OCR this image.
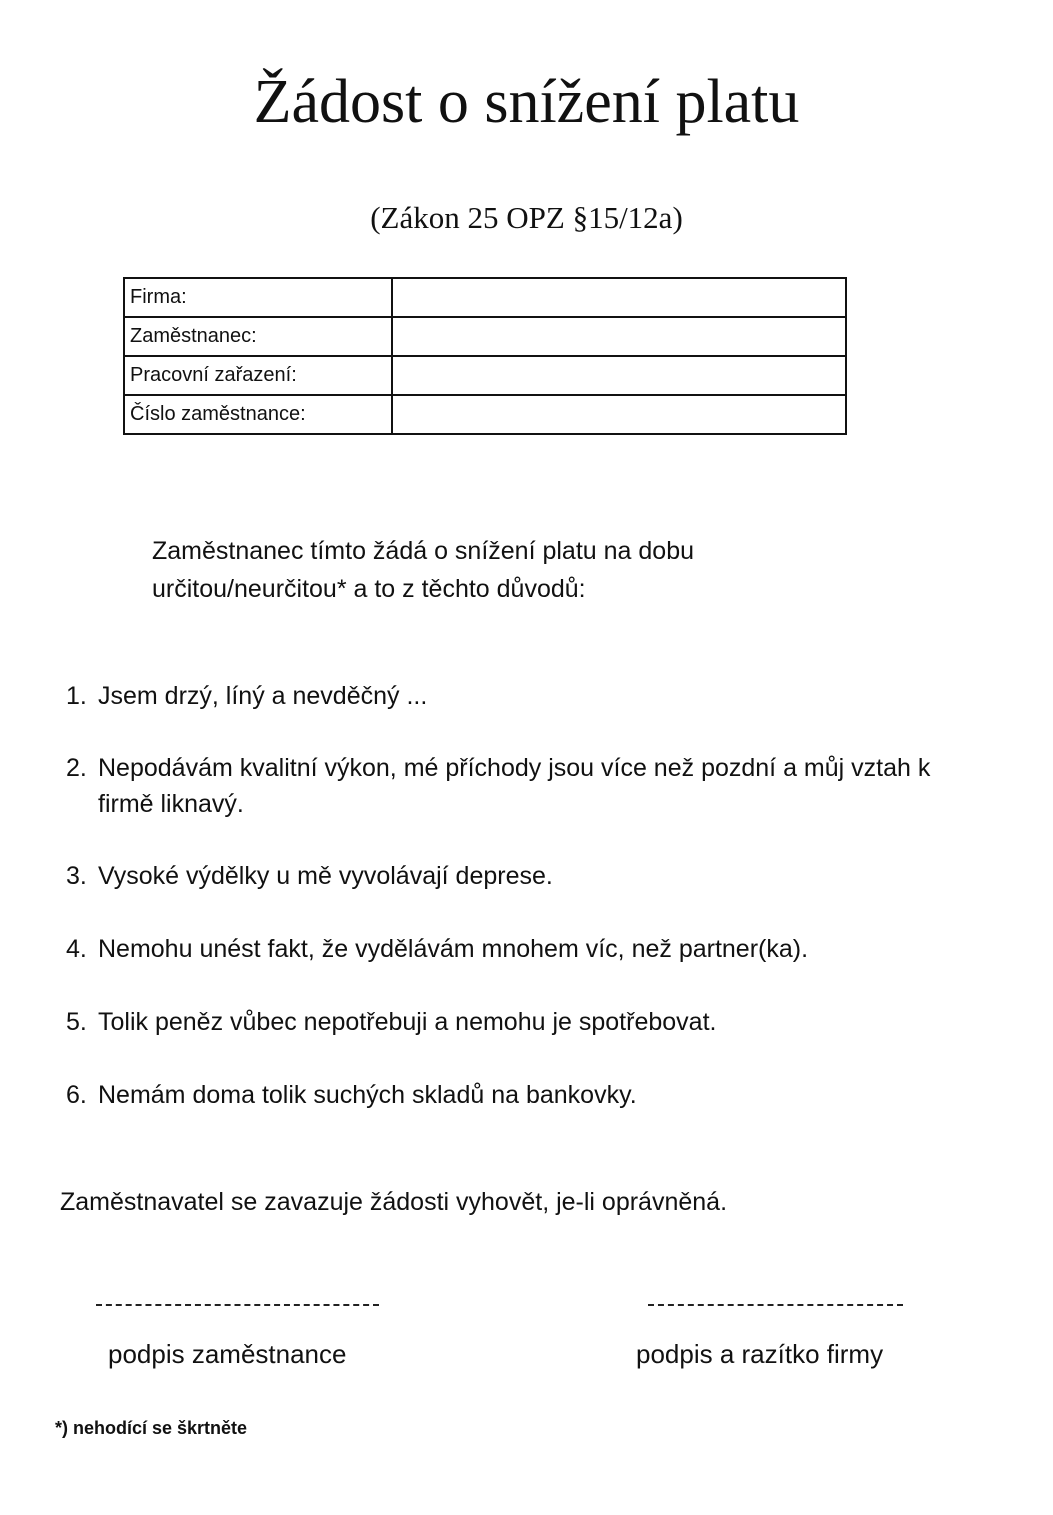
Žádost o snížení platu
(Zákon 25 OPZ §15/12a)
Firma:	
Zaměstnanec:	
Pracovní zařazení:	
Číslo zaměstnance:	
Zaměstnanec tímto žádá o snížení platu na dobu
určitou/neurčitou* a to z těchto důvodů:
1. Jsem drzý, líný a nevděčný ...
2. Nepodávám kvalitní výkon, mé příchody jsou více než pozdní a můj vztah k firmě liknavý.
3. Vysoké výdělky u mě vyvolávají deprese.
4. Nemohu unést fakt, že vydělávám mnohem víc, než partner(ka).
5. Tolik peněz vůbec nepotřebuji a nemohu je spotřebovat.
6. Nemám doma tolik suchých skladů na bankovky.
Zaměstnavatel se zavazuje žádosti vyhovět, je-li oprávněná.
podpis zaměstnance	podpis a razítko firmy
*) nehodící se škrtněte
